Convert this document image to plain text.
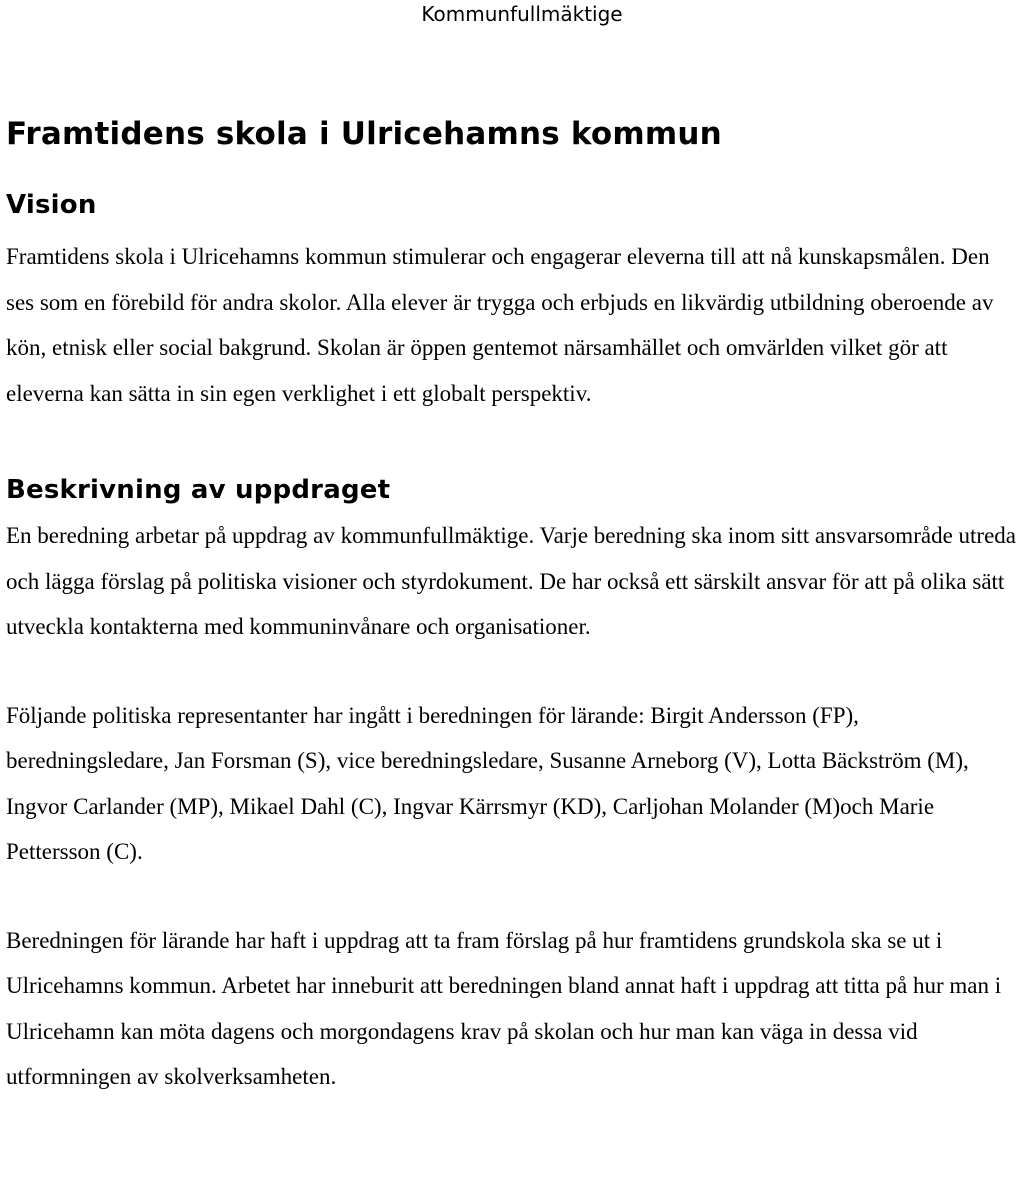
Kommunfullmäktige
Framtidens skola i Ulricehamns kommun
Vision

Framtidens skola i Ulricehamns kommun stimulerar och engagerar eleverna till att nå kunskapsmålen. Den ses som en förebild för andra skolor. Alla elever är trygga och erbjuds en likvärdig utbildning oberoende av kön, etnisk eller social bakgrund. Skolan är öppen gentemot närsamhället och omvärlden vilket gör att eleverna kan sätta in sin egen verklighet i ett globalt perspektiv.

Beskrivning av uppdraget

En beredning arbetar på uppdrag av kommunfullmäktige. Varje beredning ska inom sitt ansvarsområde utreda och lägga förslag på politiska visioner och styrdokument. De har också ett särskilt ansvar för att på olika sätt utveckla kontakterna med kommuninvånare och organisationer.

Följande politiska representanter har ingått i beredningen för lärande: Birgit Andersson (FP), beredningsledare, Jan Forsman (S), vice beredningsledare, Susanne Arneborg (V), Lotta Bäckström (M), Ingvor Carlander (MP), Mikael Dahl (C), Ingvar Kärrsmyr (KD), Carljohan Molander (M)och Marie Pettersson (C).

Beredningen för lärande har haft i uppdrag att ta fram förslag på hur framtidens grundskola ska se ut i Ulricehamns kommun. Arbetet har inneburit att beredningen bland annat haft i uppdrag att titta på hur man i Ulricehamn kan möta dagens och morgondagens krav på skolan och hur man kan väga in dessa vid utformningen av skolverksamheten.
